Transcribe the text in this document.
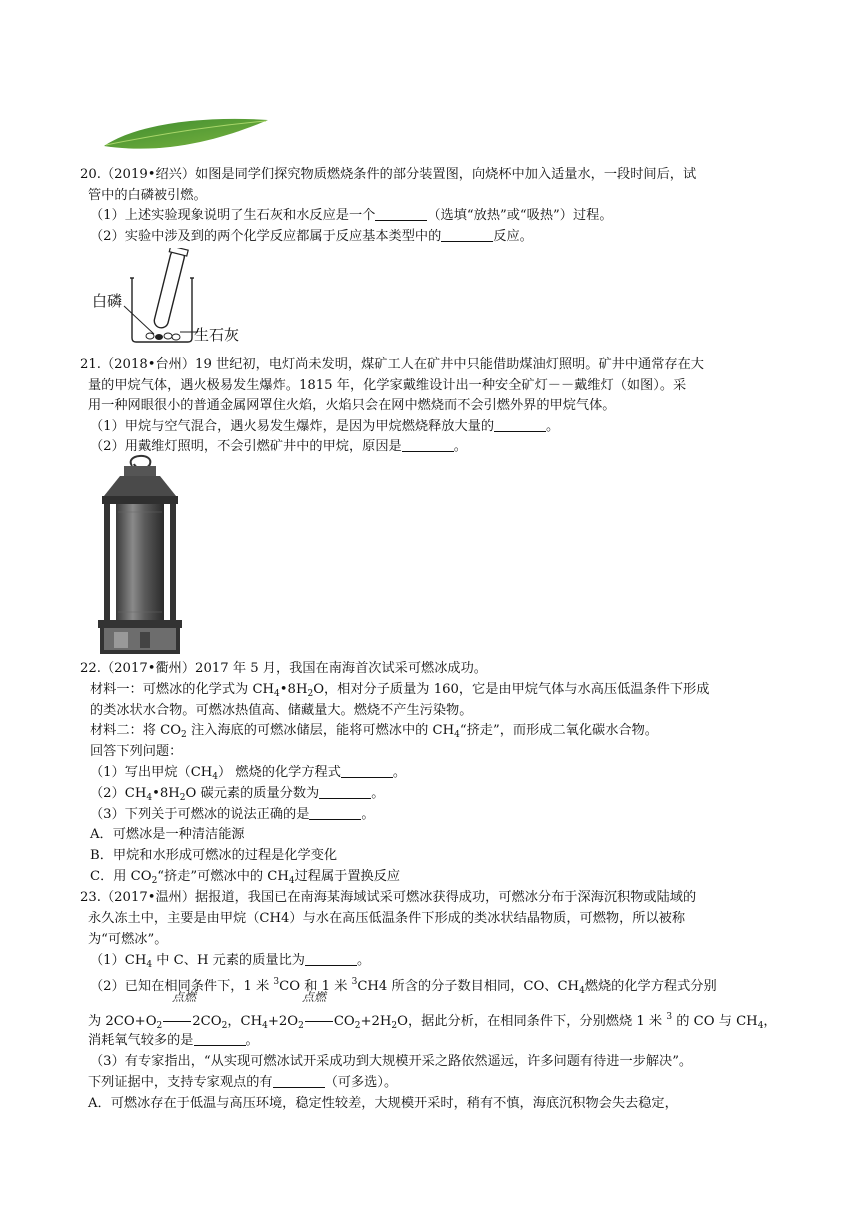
20.（2019•绍兴）如图是同学们探究物质燃烧条件的部分装置图，向烧杯中加入适量水，一段时间后，试
管中的白磷被引燃。
（1）上述实验现象说明了生石灰和水反应是一个	（选填“放热”或“吸热”）过程。
（2）实验中涉及到的两个化学反应都属于反应基本类型中的	反应。
白磷
生石灰
21.（2018•台州）19 世纪初，电灯尚未发明，煤矿工人在矿井中只能借助煤油灯照明。矿井中通常存在大
量的甲烷气体，遇火极易发生爆炸。1815 年，化学家戴维设计出一种安全矿灯－－戴维灯（如图）。采
用一种网眼很小的普通金属网罩住火焰，火焰只会在网中燃烧而不会引燃外界的甲烷气体。
（1）甲烷与空气混合，遇火易发生爆炸，是因为甲烷燃烧释放大量的	。
（2）用戴维灯照明，不会引燃矿井中的甲烷，原因是	。
22.（2017•衢州）2017 年 5 月，我国在南海首次试采可燃冰成功。
材料一：可燃冰的化学式为 $CH_4•8H_2O$，相对分子质量为 160，它是由甲烷气体与水高压低温条件下形成
的类冰状水合物。可燃冰热值高、储藏量大。燃烧不产生污染物。
材料二：将 $CO_2$ 注入海底的可燃冰储层，能将可燃冰中的 $CH_4“$挤走”，而形成二氧化碳水合物。
回答下列问题：
（1）写出甲烷$(CH_4)$ 燃烧的化学方程式	。
$(2)CH_4•8H_2O$ 碳元素的质量分数为	。
（3）下列关于可燃冰的说法正确的是	。
A．可燃冰是一种清洁能源
B．甲烷和水形成可燃冰的过程是化学变化
C．用 $CO_2“$挤走”可燃冰中的 $CH_4$过程属于置换反应
23.（2017•温州）据报道，我国已在南海某海域试采可燃冰获得成功，可燃冰分布于深海沉积物或陆域的
永久冻土中，主要是由甲烷（CH4）与水在高压低温条件下形成的类冰状结晶物质，可燃物，所以被称
为“可燃冰”。
$(1)CH_4$ 中 C、H 元素的质量比为	。
（2）已知在相同条件下，1 米 $^3$CO 和 1 米 $^3$CH4 所含的分子数目相同，CO、$CH_4$燃烧的化学方程式分别
点燃	点燃
为 $2CO+O_2$ $2CO_2$，$CH_4+2O_2$ $CO_2+2H_2O$，据此分析，在相同条件下，分别燃烧 1 米 $^3$ 的 CO 与 $CH_4$，
消耗氧气较多的是	。
（3）有专家指出，“从实现可燃冰试开采成功到大规模开采之路依然遥远，许多问题有待进一步解决”。
下列证据中，支持专家观点的有	（可多选）。
A．可燃冰存在于低温与高压环境，稳定性较差，大规模开采时，稍有不慎，海底沉积物会失去稳定，
